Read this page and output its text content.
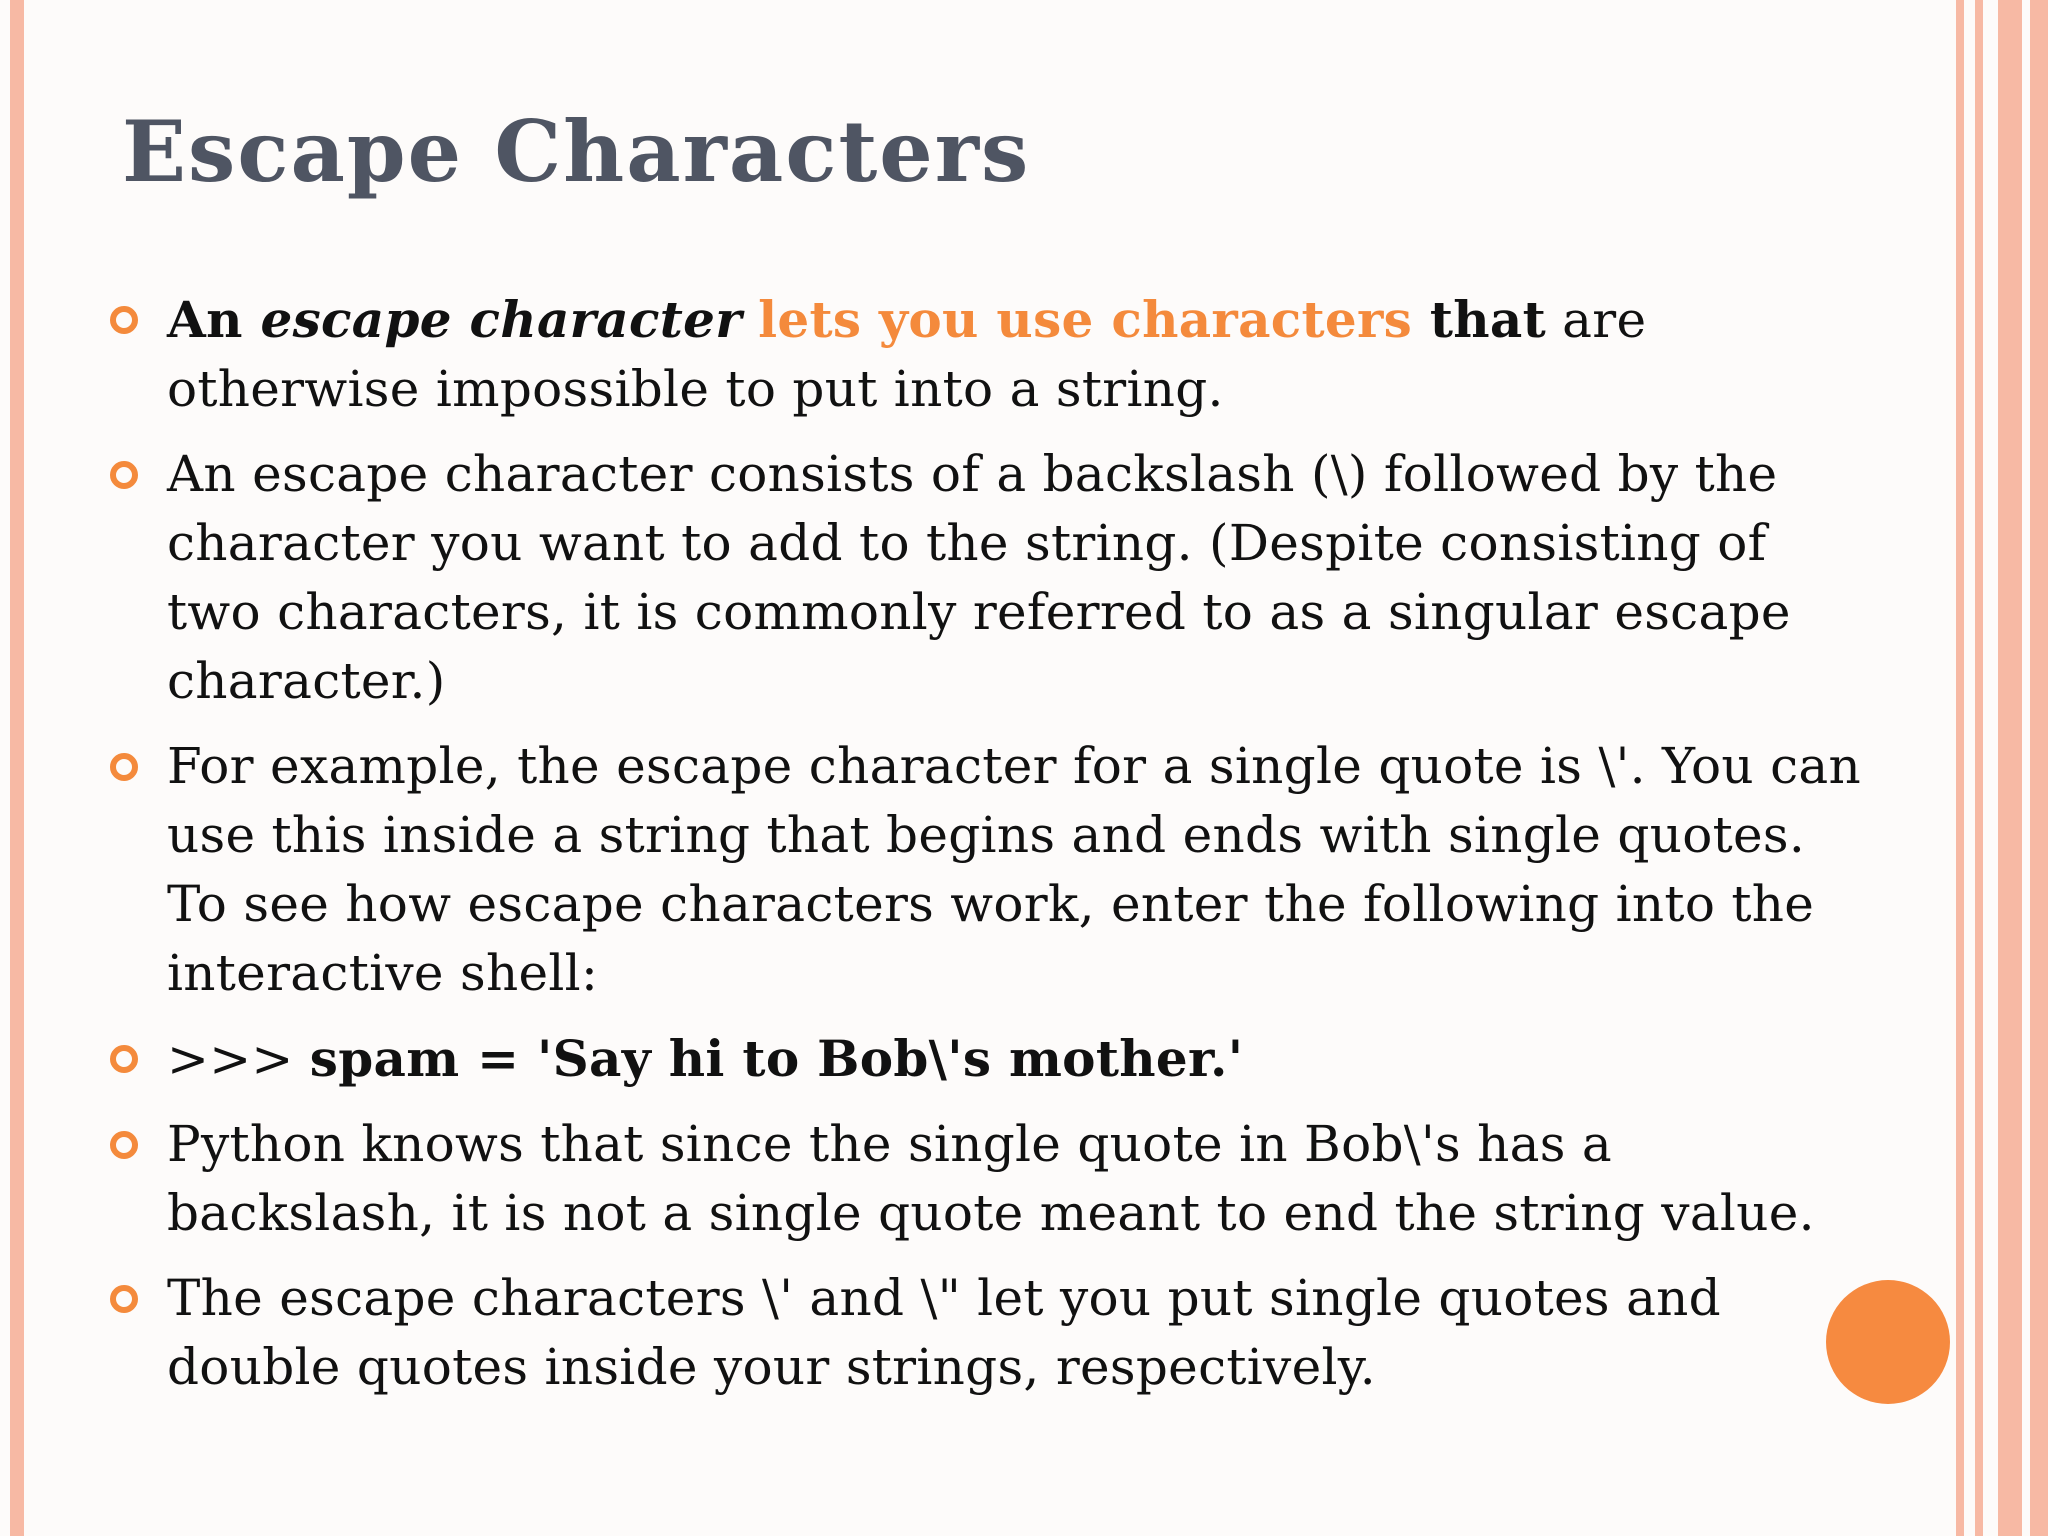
Escape Characters
An escape character lets you use characters that are otherwise impossible to put into a string.
An escape character consists of a backslash (\) followed by the character you want to add to the string. (Despite consisting of two characters, it is commonly referred to as a singular escape character.)
For example, the escape character for a single quote is \'. You can use this inside a string that begins and ends with single quotes. To see how escape characters work, enter the following into the interactive shell:
>>> spam = 'Say hi to Bob\'s mother.'
Python knows that since the single quote in Bob\'s has a backslash, it is not a single quote meant to end the string value.
The escape characters \' and \" let you put single quotes and double quotes inside your strings, respectively.
